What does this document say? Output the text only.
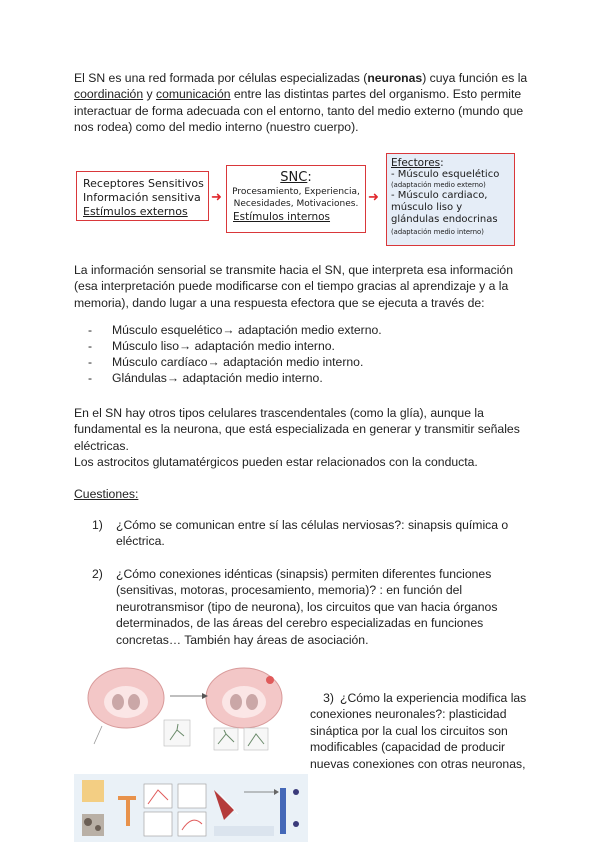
El SN es una red formada por células especializadas (neuronas) cuya función es la coordinación y comunicación entre las distintas partes del organismo. Esto permite interactuar de forma adecuada con el entorno, tanto del medio externo (mundo que nos rodea) como del medio interno (nuestro cuerpo).

Receptores Sensitivos
Información sensitiva
Estímulos externos
➜
SNC:
Procesamiento, Experiencia,
Necesidades, Motivaciones.
Estímulos internos
➜
Efectores:
- Músculo esquelético
(adaptación medio externo)
- Músculo cardiaco, músculo liso y glándulas endocrinas (adaptación medio interno)

La información sensorial se transmite hacia el SN, que interpreta esa información (esa interpretación puede modificarse con el tiempo gracias al aprendizaje y a la memoria), dando lugar a una respuesta efectora que se ejecuta a través de:

- Músculo esquelético→ adaptación medio externo.
- Músculo liso→ adaptación medio interno.
- Músculo cardíaco→ adaptación medio interno.
- Glándulas→ adaptación medio interno.

En el SN hay otros tipos celulares trascendentales (como la glía), aunque la fundamental es la neurona, que está especializada en generar y transmitir señales eléctricas.

Los astrocitos glutamatérgicos pueden estar relacionados con la conducta.

Cuestiones:

1) ¿Cómo se comunican entre sí las células nerviosas?: sinapsis química o eléctrica.
2) ¿Cómo conexiones idénticas (sinapsis) permiten diferentes funciones (sensitivas, motoras, procesamiento, memoria)? : en función del neurotransmisor (tipo de neurona), los circuitos que van hacia órganos determinados, de las áreas del cerebro especializadas en funciones concretas… También hay áreas de asociación.
3) ¿Cómo la experiencia modifica las conexiones neuronales?: plasticidad sináptica por la cual los circuitos son modificables (capacidad de producir nuevas conexiones con otras neuronas,
